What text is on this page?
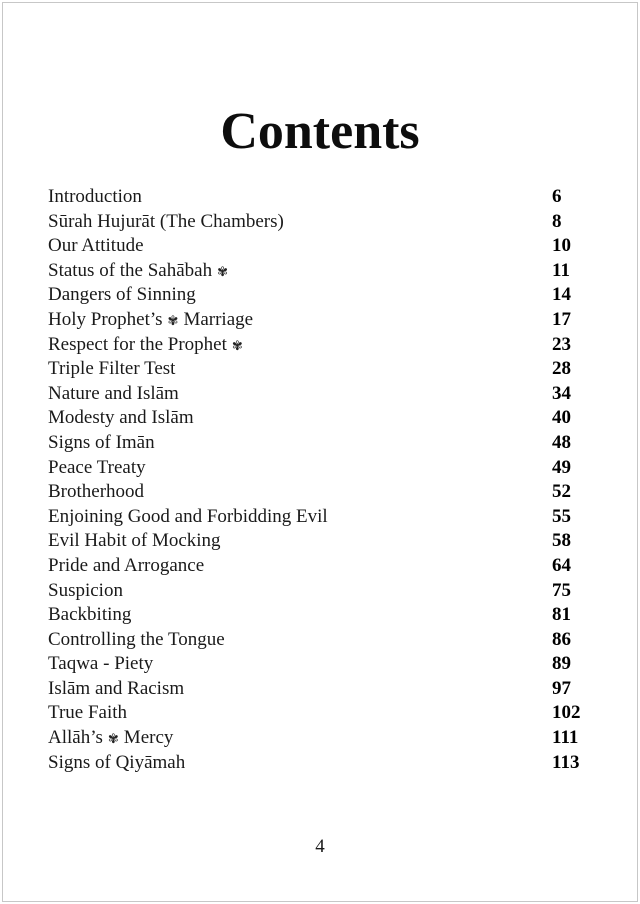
Contents
Introduction	6
Sūrah Hujurāt (The Chambers)	8
Our Attitude	10
Status of the Sahābah ✾	11
Dangers of Sinning	14
Holy Prophet’s ✾ Marriage	17
Respect for the Prophet ✾	23
Triple Filter Test	28
Nature and Islām	34
Modesty and Islām	40
Signs of Imān	48
Peace Treaty	49
Brotherhood	52
Enjoining Good and Forbidding Evil	55
Evil Habit of Mocking	58
Pride and Arrogance	64
Suspicion	75
Backbiting	81
Controlling the Tongue	86
Taqwa - Piety	89
Islām and Racism	97
True Faith	102
Allāh’s ✾ Mercy	111
Signs of Qiyāmah	113
4
